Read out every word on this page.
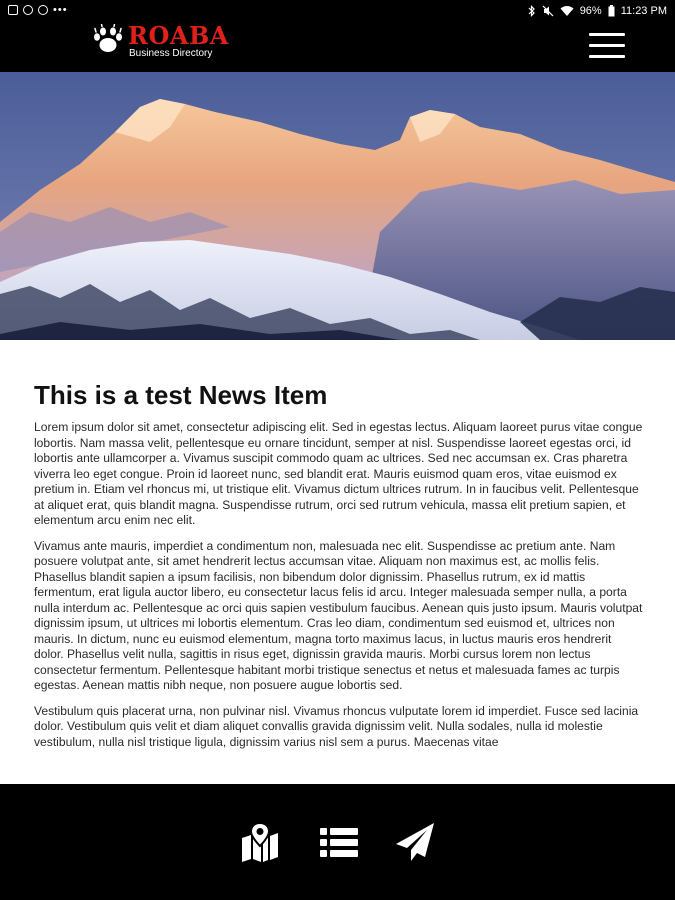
•••	96% 11:23 PM
ROABA
Business Directory
This is a test News Item

Lorem ipsum dolor sit amet, consectetur adipiscing elit. Sed in egestas lectus. Aliquam laoreet purus vitae congue lobortis. Nam massa velit, pellentesque eu ornare tincidunt, semper at nisl. Suspendisse laoreet egestas orci, id lobortis ante ullamcorper a. Vivamus suscipit commodo quam ac ultrices. Sed nec accumsan ex. Cras pharetra viverra leo eget congue. Proin id laoreet nunc, sed blandit erat. Mauris euismod quam eros, vitae euismod ex pretium in. Etiam vel rhoncus mi, ut tristique elit. Vivamus dictum ultrices rutrum. In in faucibus velit. Pellentesque at aliquet erat, quis blandit magna. Suspendisse rutrum, orci sed rutrum vehicula, massa elit pretium sapien, et elementum arcu enim nec elit.

Vivamus ante mauris, imperdiet a condimentum non, malesuada nec elit. Suspendisse ac pretium ante. Nam posuere volutpat ante, sit amet hendrerit lectus accumsan vitae. Aliquam non maximus est, ac mollis felis. Phasellus blandit sapien a ipsum facilisis, non bibendum dolor dignissim. Phasellus rutrum, ex id mattis fermentum, erat ligula auctor libero, eu consectetur lacus felis id arcu. Integer malesuada semper nulla, a porta nulla interdum ac. Pellentesque ac orci quis sapien vestibulum faucibus. Aenean quis justo ipsum. Mauris volutpat dignissim ipsum, ut ultrices mi lobortis elementum. Cras leo diam, condimentum sed euismod et, ultrices non mauris. In dictum, nunc eu euismod elementum, magna torto maximus lacus, in luctus mauris eros hendrerit dolor. Phasellus velit nulla, sagittis in risus eget, dignissin gravida mauris. Morbi cursus lorem non lectus consectetur fermentum. Pellentesque habitant morbi tristique senectus et netus et malesuada fames ac turpis egestas. Aenean mattis nibh neque, non posuere augue lobortis sed.

Vestibulum quis placerat urna, non pulvinar nisl. Vivamus rhoncus vulputate lorem id imperdiet. Fusce sed lacinia dolor. Vestibulum quis velit et diam aliquet convallis gravida dignissim velit. Nulla sodales, nulla id molestie vestibulum, nulla nisl tristique ligula, dignissim varius nisl sem a purus. Maecenas vitae
